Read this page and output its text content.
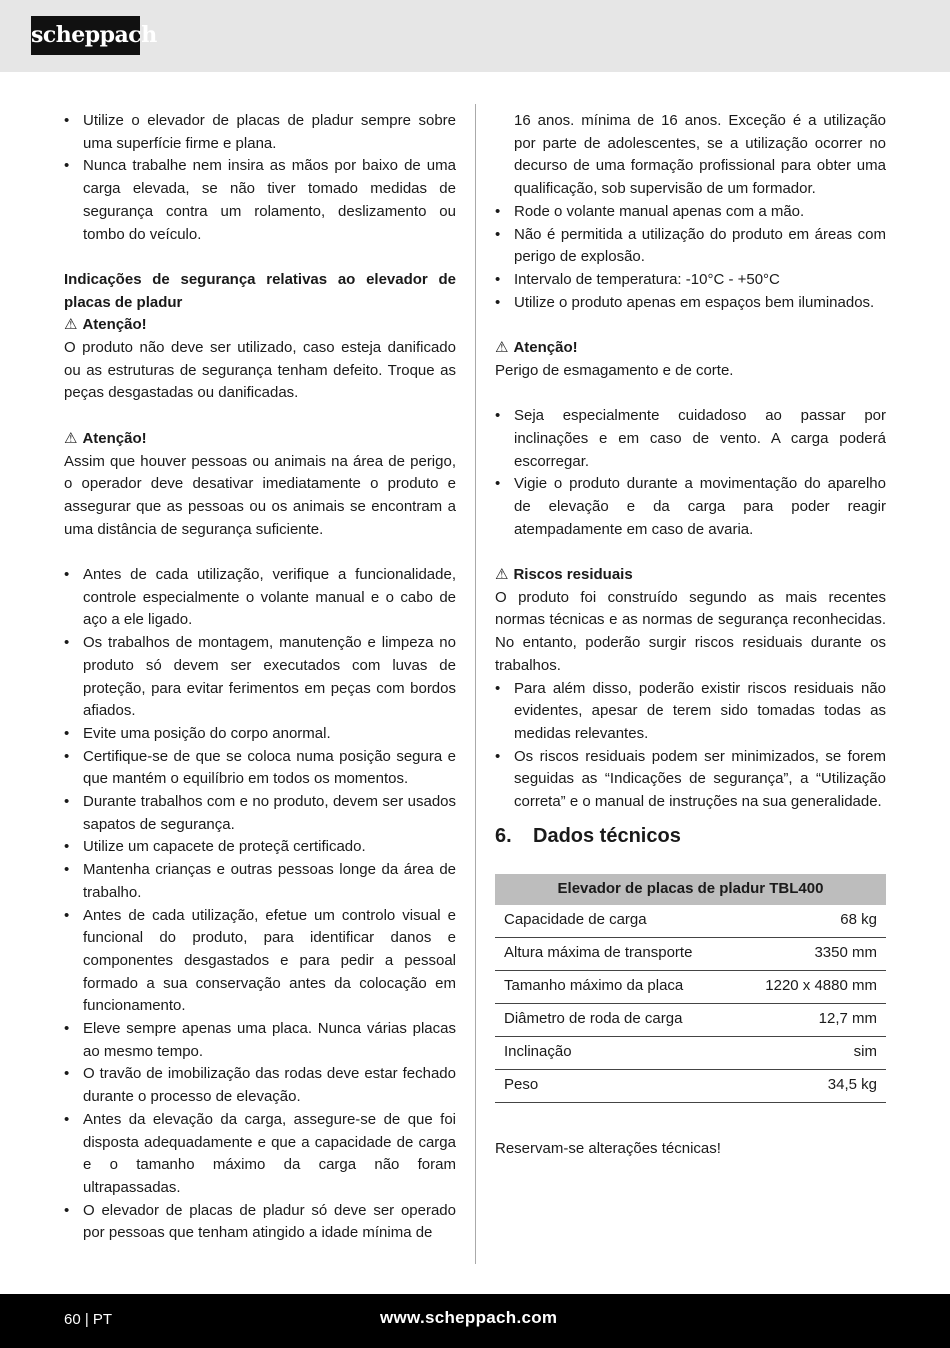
scheppach
• Utilize o elevador de placas de pladur sempre sobre uma superfície firme e plana.
• Nunca trabalhe nem insira as mãos por baixo de uma carga elevada, se não tiver tomado medidas de segurança contra um rolamento, deslizamento ou tombo do veículo.

Indicações de segurança relativas ao elevador de placas de pladur

⚠ Atenção!

O produto não deve ser utilizado, caso esteja danificado ou as estruturas de segurança tenham defeito. Troque as peças desgastadas ou danificadas.

⚠ Atenção!

Assim que houver pessoas ou animais na área de perigo, o operador deve desativar imediatamente o produto e assegurar que as pessoas ou os animais se encontram a uma distância de segurança suficiente.

• Antes de cada utilização, verifique a funcionalidade, controle especialmente o volante manual e o cabo de aço a ele ligado.
• Os trabalhos de montagem, manutenção e limpeza no produto só devem ser executados com luvas de proteção, para evitar ferimentos em peças com bordos afiados.
• Evite uma posição do corpo anormal.
• Certifique-se de que se coloca numa posição segura e que mantém o equilíbrio em todos os momentos.
• Durante trabalhos com e no produto, devem ser usados sapatos de segurança.
• Utilize um capacete de proteçã certificado.
• Mantenha crianças e outras pessoas longe da área de trabalho.
• Antes de cada utilização, efetue um controlo visual e funcional do produto, para identificar danos e componentes desgastados e para pedir a pessoal formado a sua conservação antes da colocação em funcionamento.
• Eleve sempre apenas uma placa. Nunca várias placas ao mesmo tempo.
• O travão de imobilização das rodas deve estar fechado durante o processo de elevação.
• Antes da elevação da carga, assegure-se de que foi disposta adequadamente e que a capacidade de carga e o tamanho máximo da carga não foram ultrapassadas.
• O elevador de placas de pladur só deve ser operado por pessoas que tenham atingido a idade mínima de

16 anos. mínima de 16 anos. Exceção é a utilização por parte de adolescentes, se a utilização ocorrer no decurso de uma formação profissional para obter uma qualificação, sob supervisão de um formador.

• Rode o volante manual apenas com a mão.
• Não é permitida a utilização do produto em áreas com perigo de explosão.
• Intervalo de temperatura: -10°C - +50°C
• Utilize o produto apenas em espaços bem iluminados.

⚠ Atenção!

Perigo de esmagamento e de corte.

• Seja especialmente cuidadoso ao passar por inclinações e em caso de vento. A carga poderá escorregar.
• Vigie o produto durante a movimentação do aparelho de elevação e da carga para poder reagir atempadamente em caso de avaria.

⚠ Riscos residuais

O produto foi construído segundo as mais recentes normas técnicas e as normas de segurança reconhecidas. No entanto, poderão surgir riscos residuais durante os trabalhos.

• Para além disso, poderão existir riscos residuais não evidentes, apesar de terem sido tomadas todas as medidas relevantes.
• Os riscos residuais podem ser minimizados, se forem seguidas as “Indicações de segurança”, a “Utilização correta” e o manual de instruções na sua generalidade.
6. Dados técnicos
Elevador de placas de pladur TBL400	
Capacidade de carga	68 kg
Altura máxima de transporte	3350 mm
Tamanho máximo da placa	1220 x 4880 mm
Diâmetro de roda de carga	12,7 mm
Inclinação	sim
Peso	34,5 kg

Reservam-se alterações técnicas!

60 | PT	www.scheppach.com
